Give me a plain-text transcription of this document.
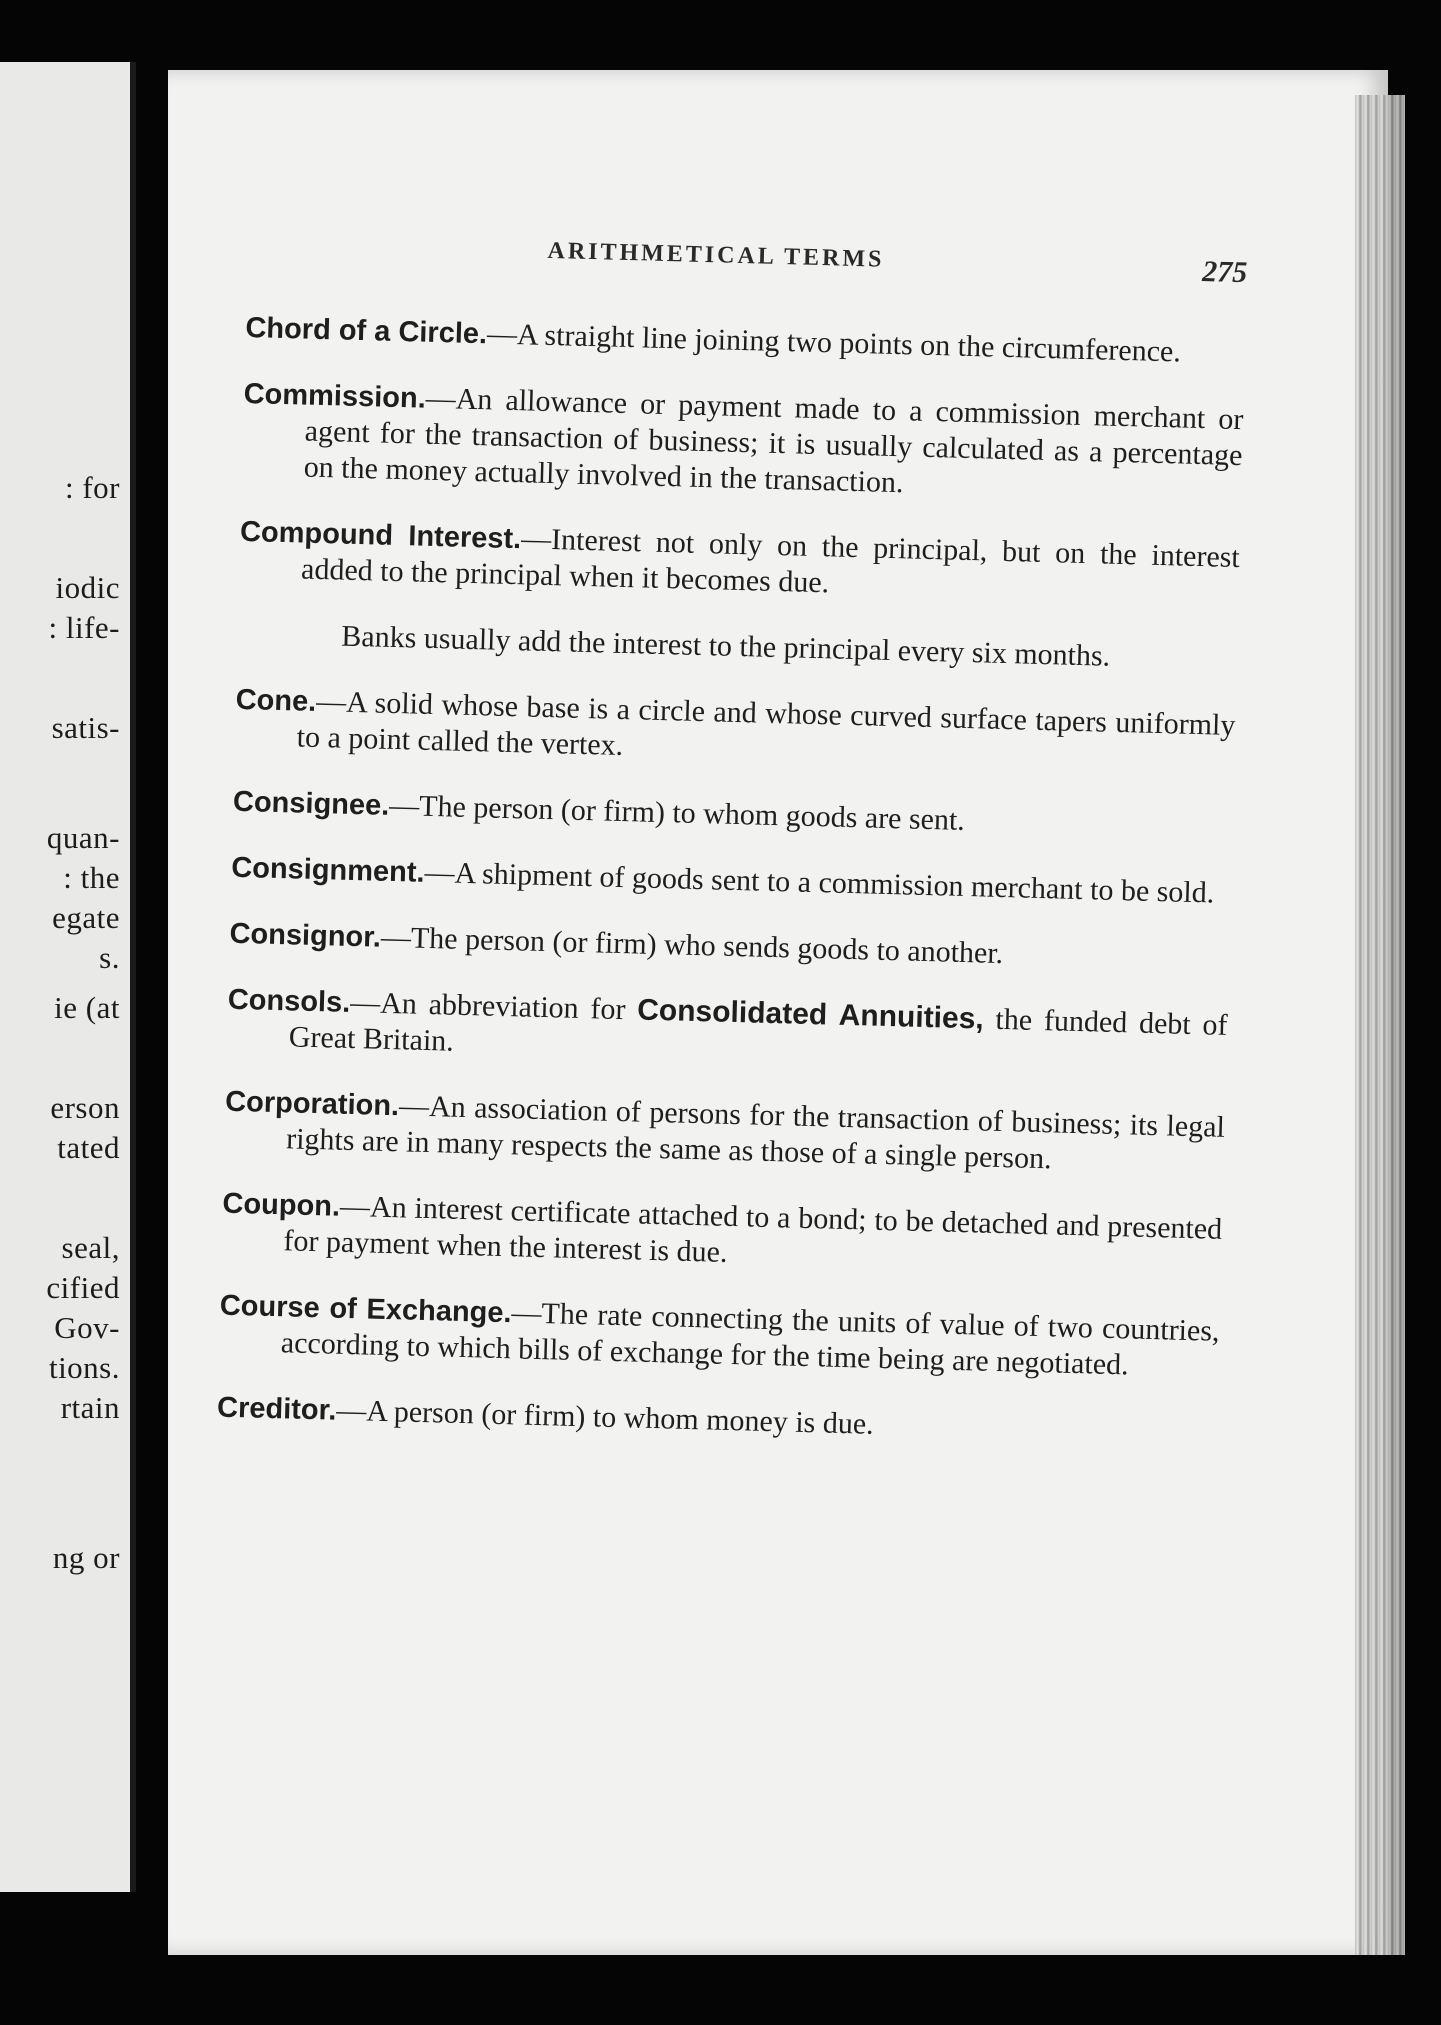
: for
iodic
: life-
satis-
quan-
: the
egate
s.
ie (at
erson
tated
seal,
cified
Gov-
tions.
rtain
ng or
ARITHMETICAL TERMS	275

Chord of a Circle.—A straight line joining two points on the circumference.

Commission.—An allowance or payment made to a commission merchant or agent for the transaction of business; it is usually calculated as a percentage on the money actually involved in the transaction.

Compound Interest.—Interest not only on the principal, but on the interest added to the principal when it becomes due.

Banks usually add the interest to the principal every six months.

Cone.—A solid whose base is a circle and whose curved surface tapers uniformly to a point called the vertex.

Consignee.—The person (or firm) to whom goods are sent.

Consignment.—A shipment of goods sent to a commission merchant to be sold.

Consignor.—The person (or firm) who sends goods to another.

Consols.—An abbreviation for Consolidated Annuities, the funded debt of Great Britain.

Corporation.—An association of persons for the transaction of business; its legal rights are in many respects the same as those of a single person.

Coupon.—An interest certificate attached to a bond; to be detached and presented for payment when the interest is due.

Course of Exchange.—The rate connecting the units of value of two countries, according to which bills of exchange for the time being are negotiated.

Creditor.—A person (or firm) to whom money is due.
